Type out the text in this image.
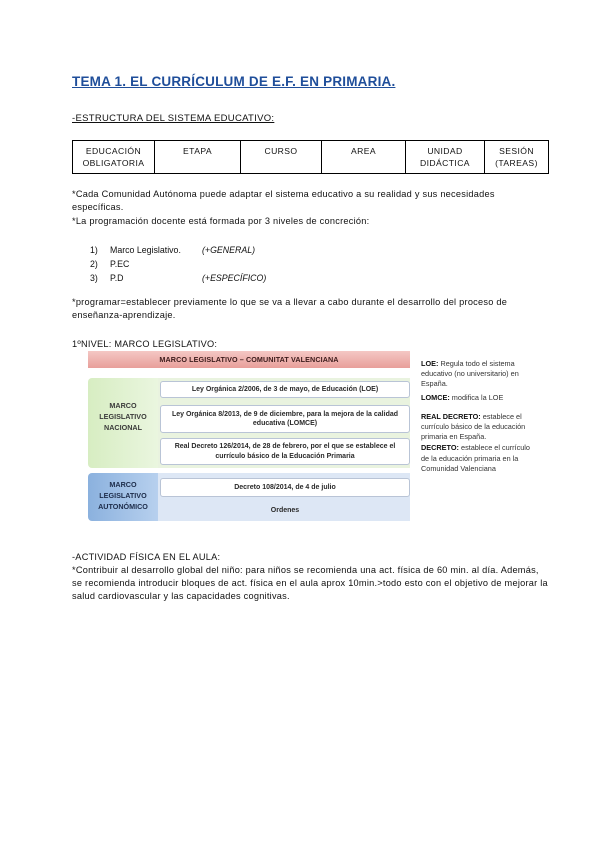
TEMA 1. EL CURRÍCULUM DE E.F. EN PRIMARIA.
-ESTRUCTURA DEL SISTEMA EDUCATIVO:
EDUCACIÓN OBLIGATORIA	ETAPA	CURSO	AREA	UNIDAD DIDÁCTICA	SESIÓN (TAREAS)
*Cada Comunidad Autónoma puede adaptar el sistema educativo a su realidad y sus necesidades específicas.
*La programación docente está formada por 3 niveles de concreción:
1)	Marco Legislativo.	(+GENERAL)
2)	P.EC
3)	P.D	(+ESPECÍFICO)
*programar=establecer previamente lo que se va a llevar a cabo durante el desarrollo del proceso de enseñanza-aprendizaje.
1ºNIVEL: MARCO LEGISLATIVO:
MARCO LEGISLATIVO – COMUNITAT VALENCIANA
MARCO LEGISLATIVO NACIONAL
MARCO LEGISLATIVO AUTONÓMICO
Ley Orgánica 2/2006, de 3 de mayo, de Educación (LOE)
Ley Orgánica 8/2013, de 9 de diciembre, para la mejora de la calidad educativa (LOMCE)
Real Decreto 126/2014, de 28 de febrero, por el que se establece el currículo básico de la Educación Primaria
Decreto 108/2014, de 4 de julio
Ordenes

LOE: Regula todo el sistema educativo (no universitario) en España.

LOMCE: modifica la LOE

REAL DECRETO: establece el currículo básico de la educación primaria en España.

DECRETO: establece el currículo de la educación primaria en la Comunidad Valenciana

-ACTIVIDAD FÍSICA EN EL AULA:
*Contribuir al desarrollo global del niño: para niños se recomienda una act. física de 60 min. al día. Además, se recomienda introducir bloques de act. física en el aula aprox 10min.>todo esto con el objetivo de mejorar la salud cardiovascular y las capacidades cognitivas.
